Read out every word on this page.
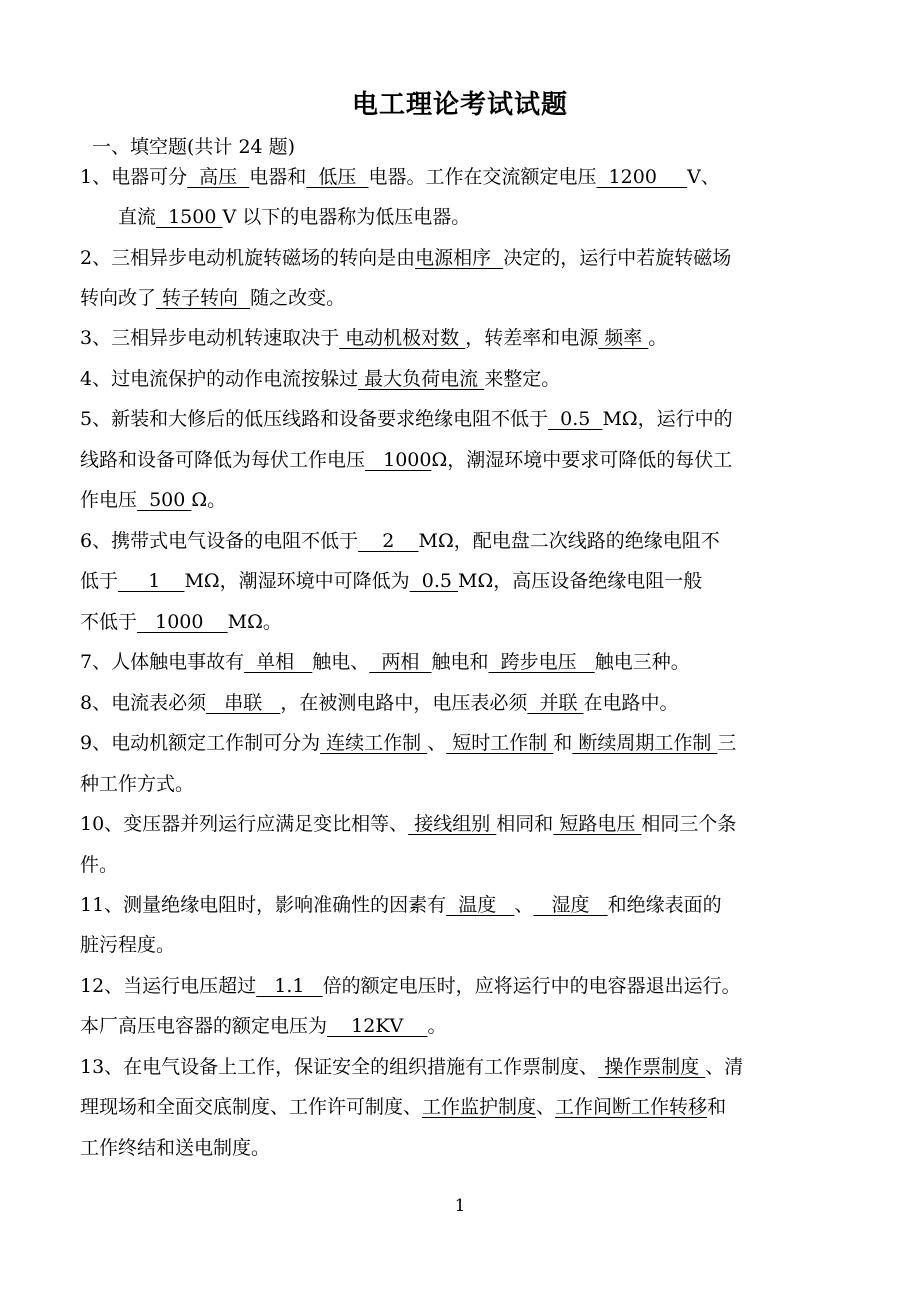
电工理论考试试题
一、填空题(共计 24 题)
1、电器可分  高压  电器和  低压  电器。工作在交流额定电压  1200     V、
直流  1500 V 以下的电器称为低压电器。
2、三相异步电动机旋转磁场的转向是由电源相序  决定的，运行中若旋转磁场
转向改了 转子转向  随之改变。
3、三相异步电动机转速取决于 电动机极对数 ，转差率和电源 频率 。
4、过电流保护的动作电流按躲过 最大负荷电流 来整定。
5、新装和大修后的低压线路和设备要求绝缘电阻不低于  0.5  MΩ，运行中的
线路和设备可降低为每伏工作电压   1000Ω，潮湿环境中要求可降低的每伏工
作电压  500 Ω。
6、携带式电气设备的电阻不低于    2    MΩ，配电盘二次线路的绝缘电阻不
低于     1    MΩ，潮湿环境中可降低为  0.5 MΩ，高压设备绝缘电阻一般
不低于   1000    MΩ。
7、人体触电事故有  单相   触电、  两相  触电和  跨步电压   触电三种。
8、电流表必须   串联   ，在被测电路中，电压表必须  并联 在电路中。
9、电动机额定工作制可分为 连续工作制 、 短时工作制 和 断续周期工作制 三
种工作方式。
10、变压器并列运行应满足变比相等、 接线组别 相同和 短路电压 相同三个条
件。
11、测量绝缘电阻时，影响准确性的因素有  温度   、   湿度   和绝缘表面的
脏污程度。
12、当运行电压超过   1.1   倍的额定电压时，应将运行中的电容器退出运行。
本厂高压电容器的额定电压为    12KV    。
13、在电气设备上工作，保证安全的组织措施有工作票制度、 操作票制度 、清
理现场和全面交底制度、工作许可制度、工作监护制度、工作间断工作转移和
工作终结和送电制度。
1
